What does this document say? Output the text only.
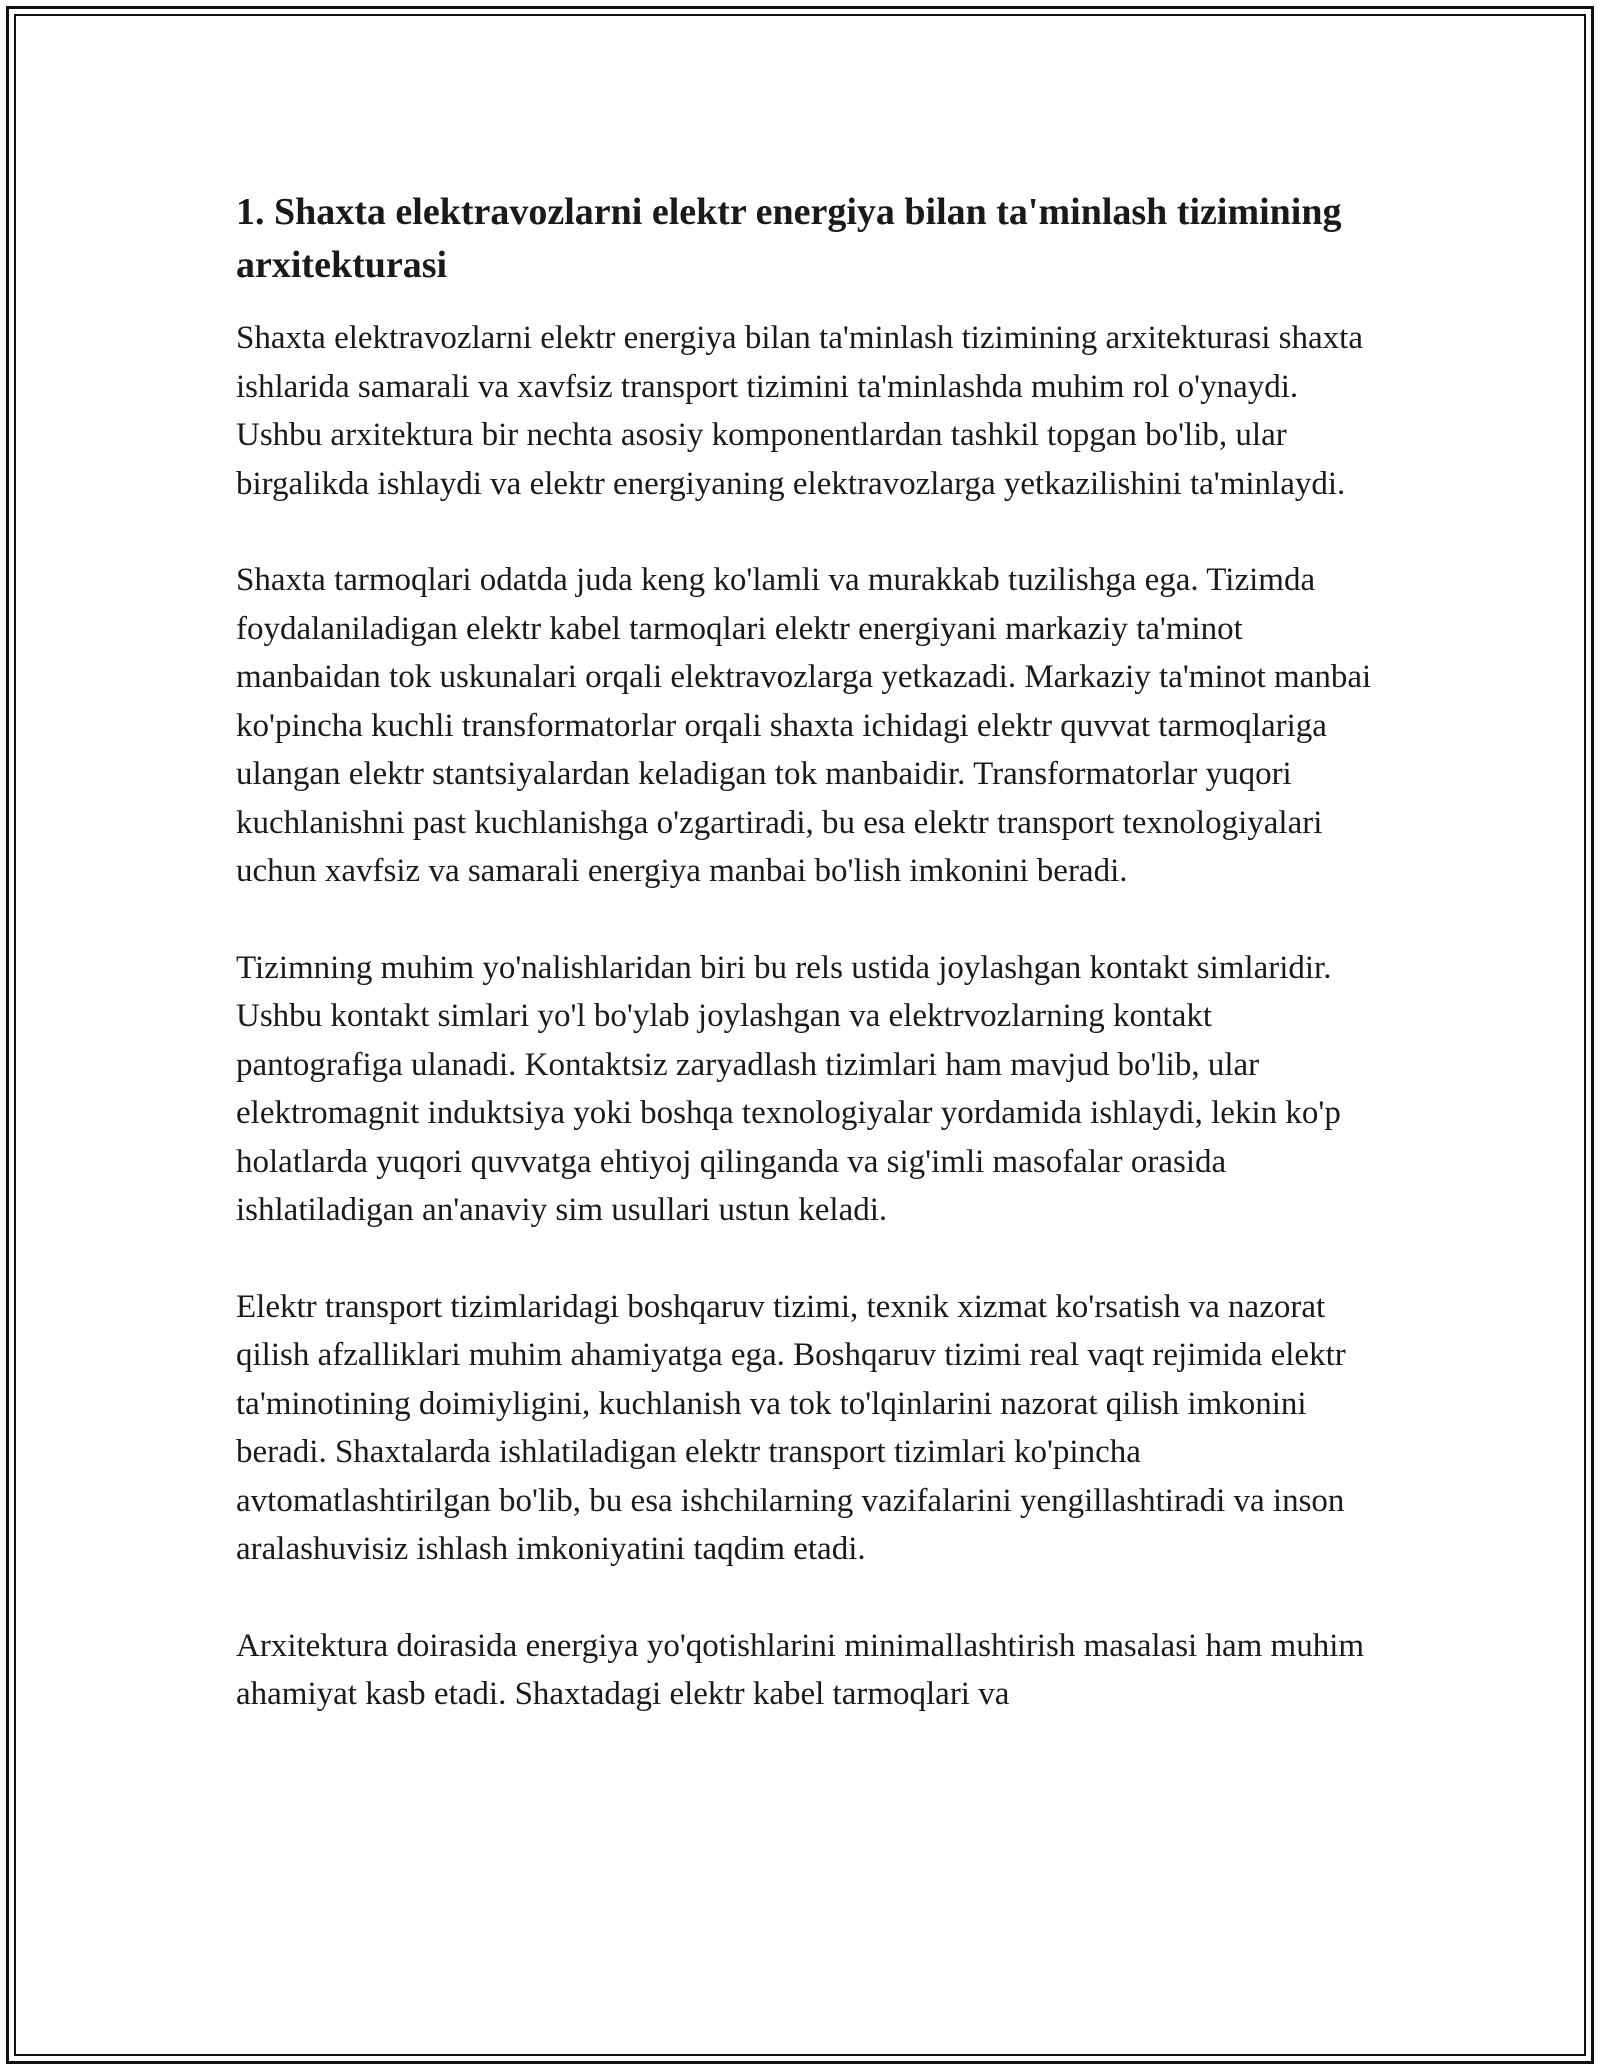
1. Shaxta elektravozlarni elektr energiya bilan ta'minlash tizimining arxitekturasi

Shaxta elektravozlarni elektr energiya bilan ta'minlash tizimining arxitekturasi shaxta ishlarida samarali va xavfsiz transport tizimini ta'minlashda muhim rol o'ynaydi. Ushbu arxitektura bir nechta asosiy komponentlardan tashkil topgan bo'lib, ular birgalikda ishlaydi va elektr energiyaning elektravozlarga yetkazilishini ta'minlaydi.

Shaxta tarmoqlari odatda juda keng ko'lamli va murakkab tuzilishga ega. Tizimda foydalaniladigan elektr kabel tarmoqlari elektr energiyani markaziy ta'minot manbaidan tok uskunalari orqali elektravozlarga yetkazadi. Markaziy ta'minot manbai ko'pincha kuchli transformatorlar orqali shaxta ichidagi elektr quvvat tarmoqlariga ulangan elektr stantsiyalardan keladigan tok manbaidir. Transformatorlar yuqori kuchlanishni past kuchlanishga o'zgartiradi, bu esa elektr transport texnologiyalari uchun xavfsiz va samarali energiya manbai bo'lish imkonini beradi.

Tizimning muhim yo'nalishlaridan biri bu rels ustida joylashgan kontakt simlaridir. Ushbu kontakt simlari yo'l bo'ylab joylashgan va elektrvozlarning kontakt pantografiga ulanadi. Kontaktsiz zaryadlash tizimlari ham mavjud bo'lib, ular elektromagnit induktsiya yoki boshqa texnologiyalar yordamida ishlaydi, lekin ko'p holatlarda yuqori quvvatga ehtiyoj qilinganda va sig'imli masofalar orasida ishlatiladigan an'anaviy sim usullari ustun keladi.

Elektr transport tizimlaridagi boshqaruv tizimi, texnik xizmat ko'rsatish va nazorat qilish afzalliklari muhim ahamiyatga ega. Boshqaruv tizimi real vaqt rejimida elektr ta'minotining doimiyligini, kuchlanish va tok to'lqinlarini nazorat qilish imkonini beradi. Shaxtalarda ishlatiladigan elektr transport tizimlari ko'pincha avtomatlashtirilgan bo'lib, bu esa ishchilarning vazifalarini yengillashtiradi va inson aralashuvisiz ishlash imkoniyatini taqdim etadi.

Arxitektura doirasida energiya yo'qotishlarini minimallashtirish masalasi ham muhim ahamiyat kasb etadi. Shaxtadagi elektr kabel tarmoqlari va
